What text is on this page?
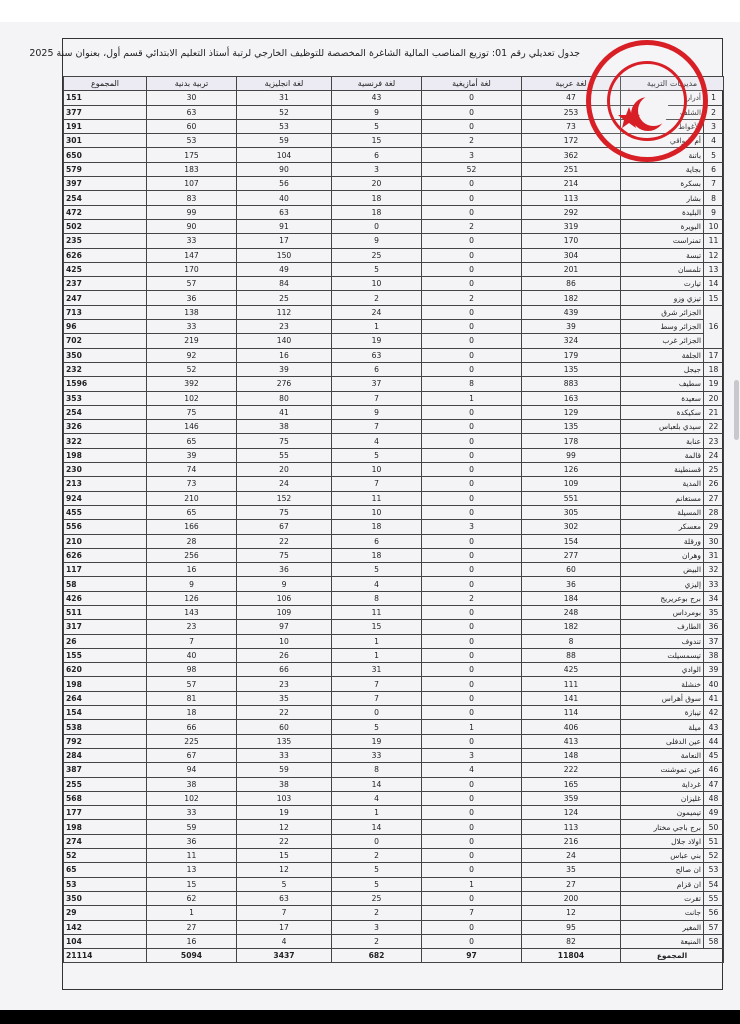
جدول تعديلي رقم 01: توزيع المناصب المالية الشاغرة المخصصة للتوظيف الخارجي لرتبة أستاذ التعليم الابتدائي قسم أول، بعنوان سنة 2025
مديريات التربية		لغة عربية	لغة أمازيغية	لغة فرنسية	لغة انجليزية	تربية بدنية	المجموع
1	أدرار	47	0	43	31	30	151
2	الشلف	253	0	9	52	63	377
3	الأغواط	73	0	5	53	60	191
4	أم البواقي	172	2	15	59	53	301
5	باتنة	362	3	6	104	175	650
6	بجاية	251	52	3	90	183	579
7	بسكرة	214	0	20	56	107	397
8	بشار	113	0	18	40	83	254
9	البليدة	292	0	18	63	99	472
10	البويرة	319	2	0	91	90	502
11	تمنراست	170	0	9	17	33	235
12	تبسة	304	0	25	150	147	626
13	تلمسان	201	0	5	49	170	425
14	تيارت	86	0	10	84	57	237
15	تيزي وزو	182	2	2	25	36	247
16	الجزائر شرق	439	0	24	112	138	713
	الجزائر وسط	39	0	1	23	33	96
	الجزائر غرب	324	0	19	140	219	702
17	الجلفة	179	0	63	16	92	350
18	جيجل	135	0	6	39	52	232
19	سطيف	883	8	37	276	392	1596
20	سعيدة	163	1	7	80	102	353
21	سكيكدة	129	0	9	41	75	254
22	سيدي بلعباس	135	0	7	38	146	326
23	عنابة	178	0	4	75	65	322
24	قالمة	99	0	5	55	39	198
25	قسنطينة	126	0	10	20	74	230
26	المدية	109	0	7	24	73	213
27	مستغانم	551	0	11	152	210	924
28	المسيلة	305	0	10	75	65	455
29	معسكر	302	3	18	67	166	556
30	ورقلة	154	0	6	22	28	210
31	وهران	277	0	18	75	256	626
32	البيض	60	0	5	36	16	117
33	إليزي	36	0	4	9	9	58
34	برج بوعريريج	184	2	8	106	126	426
35	بومرداس	248	0	11	109	143	511
36	الطارف	182	0	15	97	23	317
37	تندوف	8	0	1	10	7	26
38	تيسمسيلت	88	0	1	26	40	155
39	الوادي	425	0	31	66	98	620
40	خنشلة	111	0	7	23	57	198
41	سوق أهراس	141	0	7	35	81	264
42	تيبازة	114	0	0	22	18	154
43	ميلة	406	1	5	60	66	538
44	عين الدفلى	413	0	19	135	225	792
45	النعامة	148	3	33	33	67	284
46	عين تموشنت	222	4	8	59	94	387
47	غرداية	165	0	14	38	38	255
48	غليزان	359	0	4	103	102	568
49	تيميمون	124	0	1	19	33	177
50	برج باجي مختار	113	0	14	12	59	198
51	اولاد جلال	216	0	0	22	36	274
52	بني عباس	24	0	2	15	11	52
53	ان صالح	35	0	5	12	13	65
54	ان قزام	27	1	5	5	15	53
55	تقرت	200	0	25	63	62	350
56	جانت	12	7	2	7	1	29
57	المغير	95	0	3	17	27	142
58	المنيعة	82	0	2	4	16	104
المجموع		11804	97	682	3437	5094	21114
